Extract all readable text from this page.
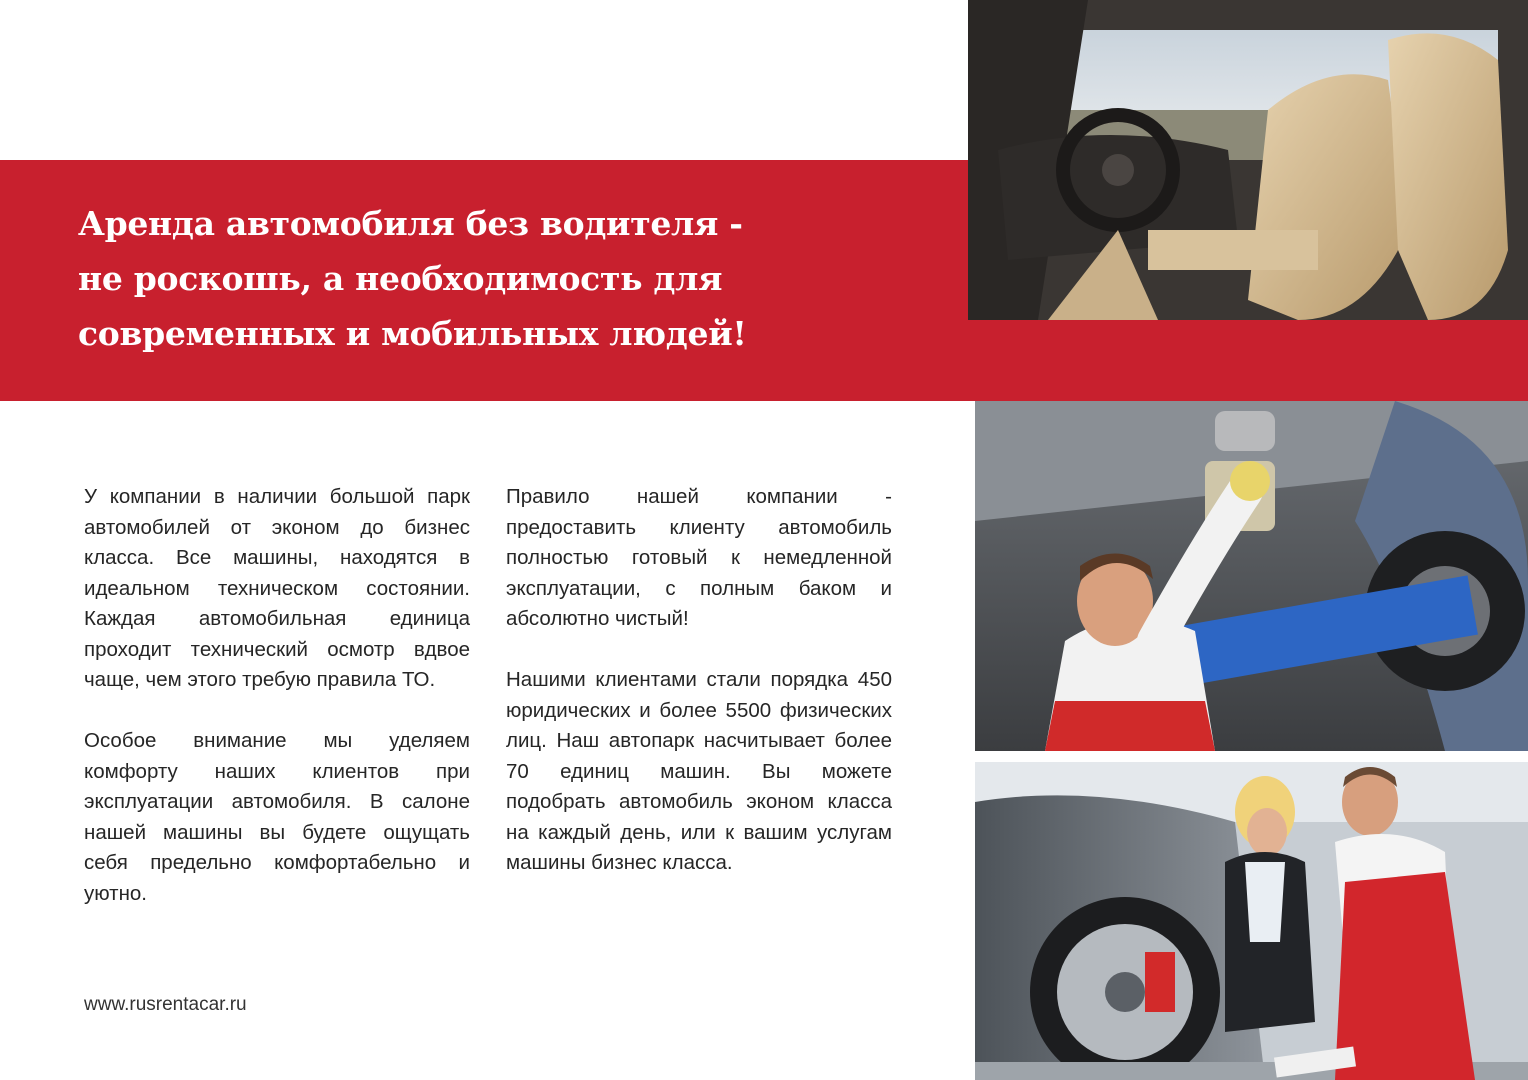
Аренда автомобиля без водителя -
не роскошь, а необходимость для
современных и мобильных людей!

У компании в наличии большой парк автомобилей от эконом до бизнес класса. Все машины, находятся в идеальном техническом состоянии. Каждая автомобильная единица проходит технический осмотр вдвое чаще, чем этого требую правила ТО.

Особое внимание мы уделяем комфорту наших клиентов при эксплуатации автомобиля. В салоне нашей машины вы будете ощущать себя предельно комфортабельно и уютно.

Правило нашей компании - предоставить клиенту автомобиль полностью готовый к немедленной эксплуатации, с полным баком и абсолютно чистый!

Нашими клиентами стали порядка 450 юридических и более 5500 физических лиц. Наш автопарк насчитывает более 70 единиц машин. Вы можете подобрать автомобиль эконом класса на каждый день, или к вашим услугам машины бизнес класса.

www.rusrentacar.ru
